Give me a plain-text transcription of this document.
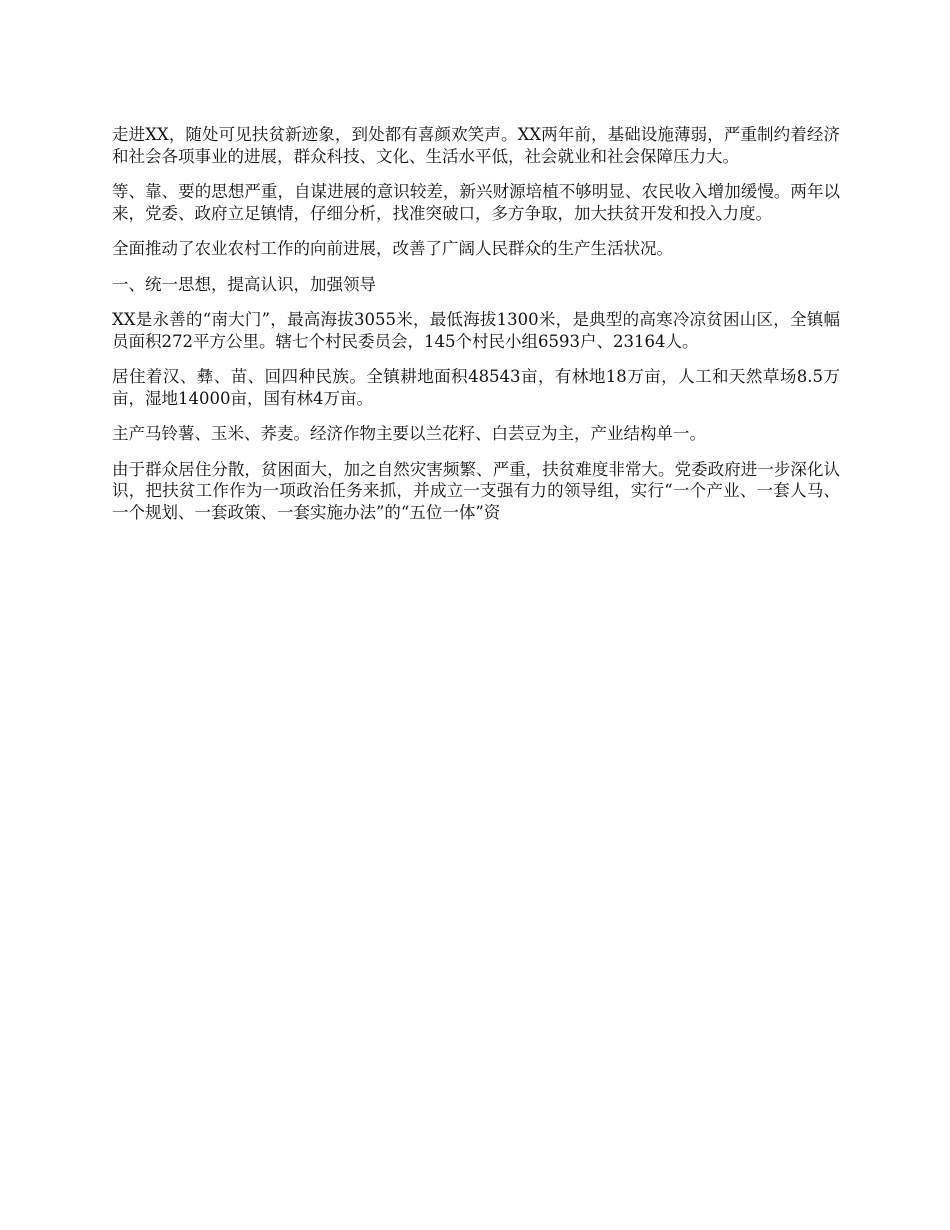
走进XX，随处可见扶贫新迹象，到处都有喜颜欢笑声。XX两年前，基础设施薄弱，严重制约着经济和社会各项事业的进展，群众科技、文化、生活水平低，社会就业和社会保障压力大。

等、靠、要的思想严重，自谋进展的意识较差，新兴财源培植不够明显、农民收入增加缓慢。两年以来，党委、政府立足镇情，仔细分析，找准突破口，多方争取，加大扶贫开发和投入力度。

全面推动了农业农村工作的向前进展，改善了广阔人民群众的生产生活状况。

一、统一思想，提高认识，加强领导

XX是永善的“南大门”，最高海拔3055米，最低海拔1300米，是典型的高寒冷凉贫困山区，全镇幅员面积272平方公里。辖七个村民委员会，145个村民小组6593户、23164人。

居住着汉、彝、苗、回四种民族。全镇耕地面积48543亩，有林地18万亩，人工和天然草场8.5万亩，湿地14000亩，国有林4万亩。

主产马铃薯、玉米、荞麦。经济作物主要以兰花籽、白芸豆为主，产业结构单一。

由于群众居住分散，贫困面大，加之自然灾害频繁、严重，扶贫难度非常大。党委政府进一步深化认识，把扶贫工作作为一项政治任务来抓，并成立一支强有力的领导组，实行“一个产业、一套人马、一个规划、一套政策、一套实施办法”的“五位一体”资
